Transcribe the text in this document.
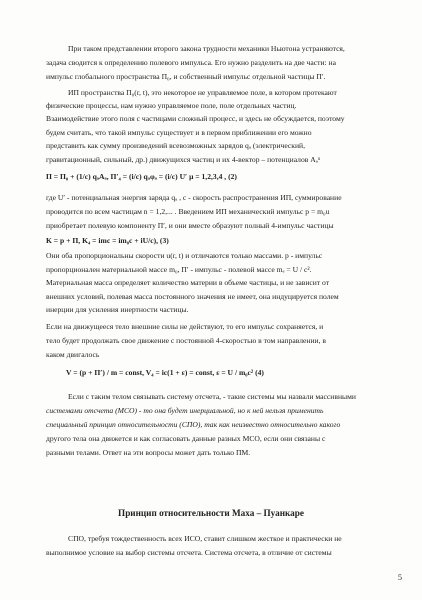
При таком представлении второго закона трудности механики Ньютона устраняются,
задача сводится к определению полевого импульса. Его нужно разделить на две части: на
импульс глобального пространства Π₀, и собственный импульс отдельной частицы Π′.
ИП пространства Π₀(r, t), это некоторое не управляемое поле, в котором протекают
физические процессы, нам нужно управляемое поле, поле отдельных частиц.
Взаимодействие этого поля с частицами сложный процесс, и здесь не обсуждается, поэтому
будем считать, что такой импульс существует и в первом приближении его можно
представить как сумму произведений всевозможных зарядов qₐ (электрический,
гравитационный, сильный, др.) движущихся частиц и их 4-вектор – потенциалов Aₐᵘ
Π = Π₀ + (1/c) qₐAₐ, Π′₄ = (i/c) qₐφₐ = (i/c) U′ μ = 1,2,3,4 , (2)
где U′ - потенциальная энергия заряда qₐ , c - скорость распространения ИП, суммирование
проводится по всем частицам n = 1,2,... . Введением ИП механический импульс p = m₀u
приобретает полевую компоненту Π′, и они вместе образуют полный 4-импульс частицы
K = p + Π, K₄ = imc = im₀c + iU/c), (3)
Они оба пропорциональны скорости u(r, t) и отличаются только массами. p - импульс
пропорционален материальной массе m₀, Π′ - импульс - полевой массе mₑ = U / c².
Материальная масса определяет количество материи в объеме частицы, и не зависит от
внешних условий, полевая масса постоянного значения не имеет, она индуцируется полем
инерции для усиления инертности частицы.
Если на движущееся тело внешние силы не действуют, то его импульс сохраняется, и
тело будет продолжать свое движение с постоянной 4-скоростью в том направлении, в
каком двигалось
V = (p + Π′) / m = const, V₄ = ic(1 + ε) = const, ε = U / m₀c² (4)
Если с таким телом связывать систему отсчета, - такие системы мы назвали массивными
системами отсчета (МСО) - то она будет инерциальной, но к ней нельзя применить
специальный принцип относительности (СПО), так как неизвестно относительно какого
другого тела она движется и как согласовать данные разных МСО, если они связаны с
разными телами. Ответ на эти вопросы может дать только ПМ.
Принцип относительности Маха – Пуанкаре
СПО, требуя тождественность всех ИСО, ставит слишком жесткое и практически не
выполнимое условие на выбор системы отсчета. Система отсчета, в отличие от системы
5
